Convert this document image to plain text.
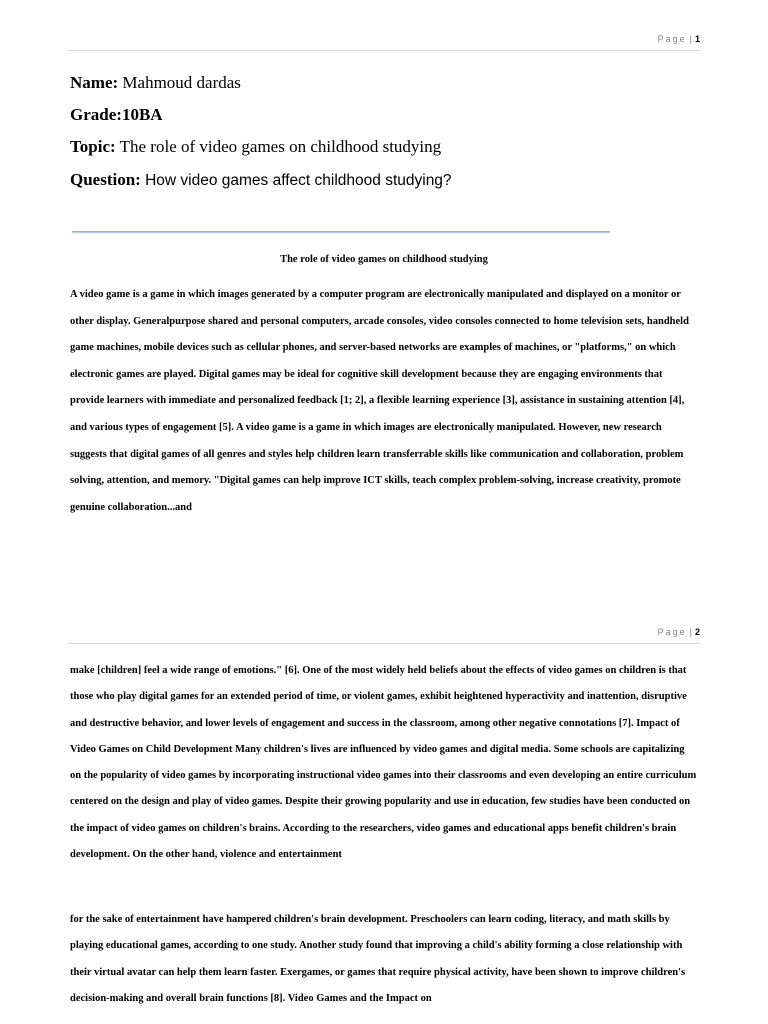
Page | 1
Name: Mahmoud dardas
Grade:10BA
Topic: The role of video games on childhood studying
Question: How video games affect childhood studying?
The role of video games on childhood studying
A video game is a game in which images generated by a computer program are electronically manipulated and displayed on a monitor or other display. Generalpurpose shared and personal computers, arcade consoles, video consoles connected to home television sets, handheld game machines, mobile devices such as cellular phones, and server-based networks are examples of machines, or "platforms," on which electronic games are played. Digital games may be ideal for cognitive skill development because they are engaging environments that provide learners with immediate and personalized feedback [1; 2], a flexible learning experience [3], assistance in sustaining attention [4], and various types of engagement [5]. A video game is a game in which images are electronically manipulated. However, new research suggests that digital games of all genres and styles help children learn transferrable skills like communication and collaboration, problem solving, attention, and memory. "Digital games can help improve ICT skills, teach complex problem-solving, increase creativity, promote genuine collaboration...and
Page | 2
make [children] feel a wide range of emotions." [6]. One of the most widely held beliefs about the effects of video games on children is that those who play digital games for an extended period of time, or violent games, exhibit heightened hyperactivity and inattention, disruptive and destructive behavior, and lower levels of engagement and success in the classroom, among other negative connotations [7]. Impact of Video Games on Child Development Many children's lives are influenced by video games and digital media. Some schools are capitalizing on the popularity of video games by incorporating instructional video games into their classrooms and even developing an entire curriculum centered on the design and play of video games. Despite their growing popularity and use in education, few studies have been conducted on the impact of video games on children's brains. According to the researchers, video games and educational apps benefit children's brain development. On the other hand, violence and entertainment
for the sake of entertainment have hampered children's brain development. Preschoolers can learn coding, literacy, and math skills by playing educational games, according to one study. Another study found that improving a child's ability forming a close relationship with their virtual avatar can help them learn faster. Exergames, or games that require physical activity, have been shown to improve children's decision-making and overall brain functions [8]. Video Games and the Impact on
